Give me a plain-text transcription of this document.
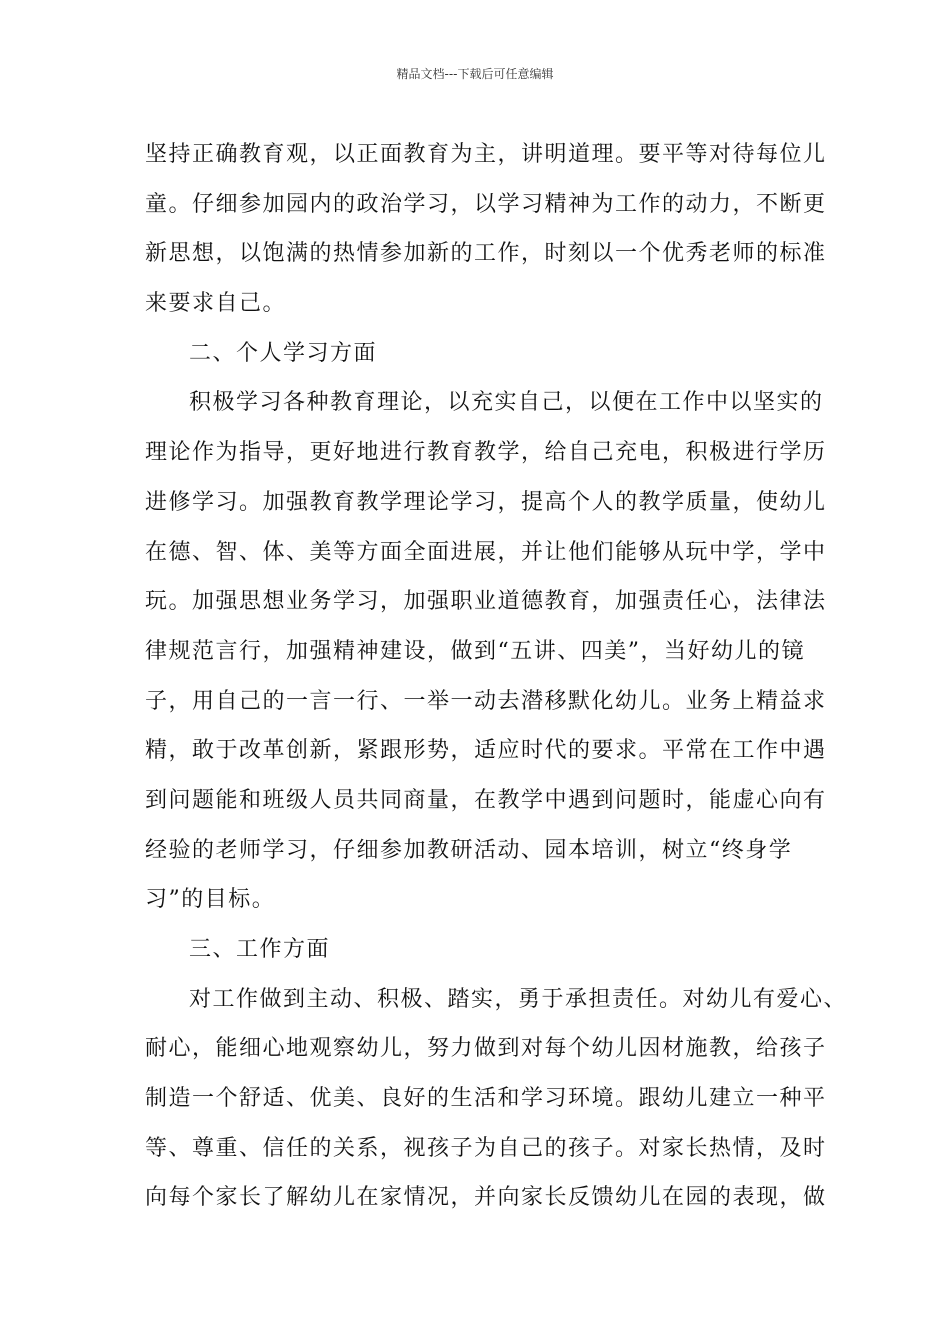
精品文档---下载后可任意编辑
坚持正确教育观，以正面教育为主，讲明道理。要平等对待每位儿
童。仔细参加园内的政治学习，以学习精神为工作的动力，不断更
新思想，以饱满的热情参加新的工作，时刻以一个优秀老师的标准
来要求自己。
二、个人学习方面
积极学习各种教育理论，以充实自己，以便在工作中以坚实的
理论作为指导，更好地进行教育教学，给自己充电，积极进行学历
进修学习。加强教育教学理论学习，提高个人的教学质量，使幼儿
在德、智、体、美等方面全面进展，并让他们能够从玩中学，学中
玩。加强思想业务学习，加强职业道德教育，加强责任心，法律法
律规范言行，加强精神建设，做到“五讲、四美”，当好幼儿的镜
子，用自己的一言一行、一举一动去潜移默化幼儿。业务上精益求
精，敢于改革创新，紧跟形势，适应时代的要求。平常在工作中遇
到问题能和班级人员共同商量，在教学中遇到问题时，能虚心向有
经验的老师学习，仔细参加教研活动、园本培训，树立“终身学
习”的目标。
三、工作方面
对工作做到主动、积极、踏实，勇于承担责任。对幼儿有爱心、
耐心，能细心地观察幼儿，努力做到对每个幼儿因材施教，给孩子
制造一个舒适、优美、良好的生活和学习环境。跟幼儿建立一种平
等、尊重、信任的关系，视孩子为自己的孩子。对家长热情，及时
向每个家长了解幼儿在家情况，并向家长反馈幼儿在园的表现，做
